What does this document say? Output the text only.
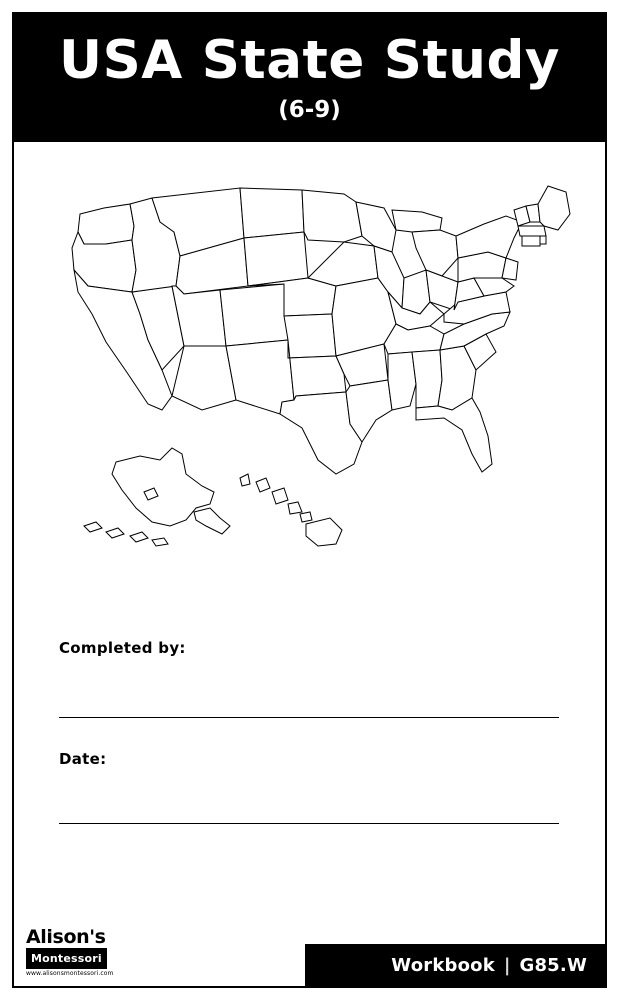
USA State Study
(6-9)
Completed by:
Date:
Alison's
Montessori
www.alisonsmontessori.com	Workbook | G85.W
